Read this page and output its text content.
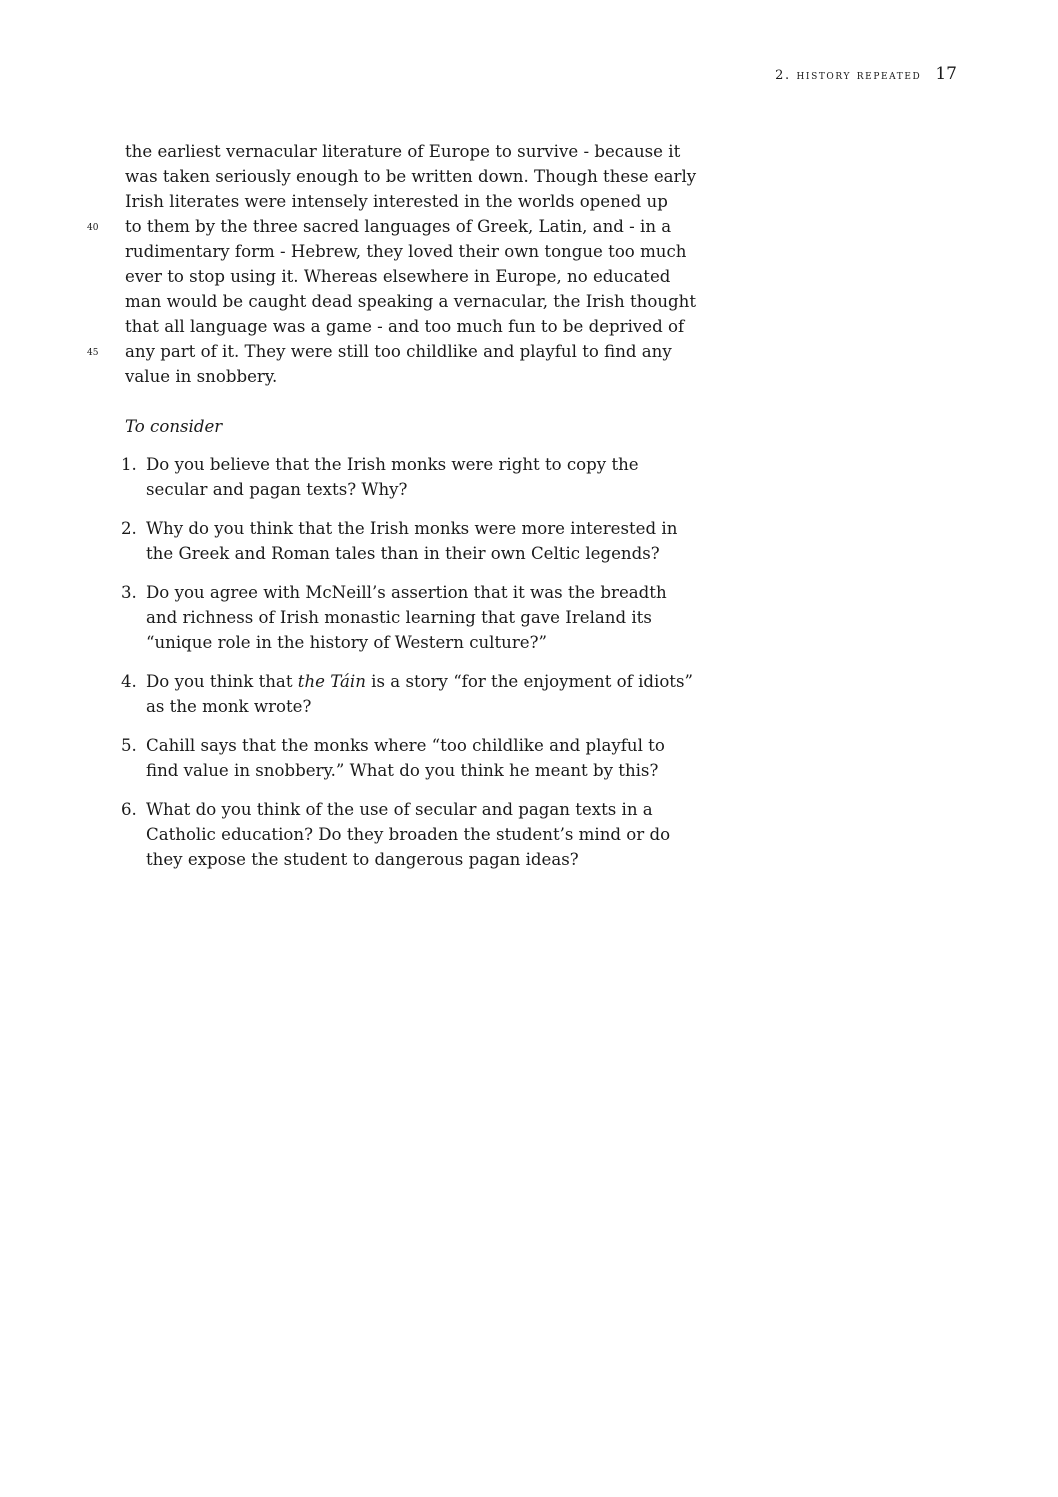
2. history repeated 17
the earliest vernacular literature of Europe to survive - because it
was taken seriously enough to be written down. Though these early
Irish literates were intensely interested in the worlds opened up
40 to them by the three sacred languages of Greek, Latin, and - in a
rudimentary form - Hebrew, they loved their own tongue too much
ever to stop using it. Whereas elsewhere in Europe, no educated
man would be caught dead speaking a vernacular, the Irish thought
that all language was a game - and too much fun to be deprived of
45 any part of it. They were still too childlike and playful to find any
value in snobbery.
To consider
1. Do you believe that the Irish monks were right to copy the
secular and pagan texts? Why?
2. Why do you think that the Irish monks were more interested in
the Greek and Roman tales than in their own Celtic legends?
3. Do you agree with McNeill’s assertion that it was the breadth
and richness of Irish monastic learning that gave Ireland its
“unique role in the history of Western culture?”
4. Do you think that the Táin is a story “for the enjoyment of idiots”
as the monk wrote?
5. Cahill says that the monks where “too childlike and playful to
find value in snobbery.” What do you think he meant by this?
6. What do you think of the use of secular and pagan texts in a
Catholic education? Do they broaden the student’s mind or do
they expose the student to dangerous pagan ideas?
